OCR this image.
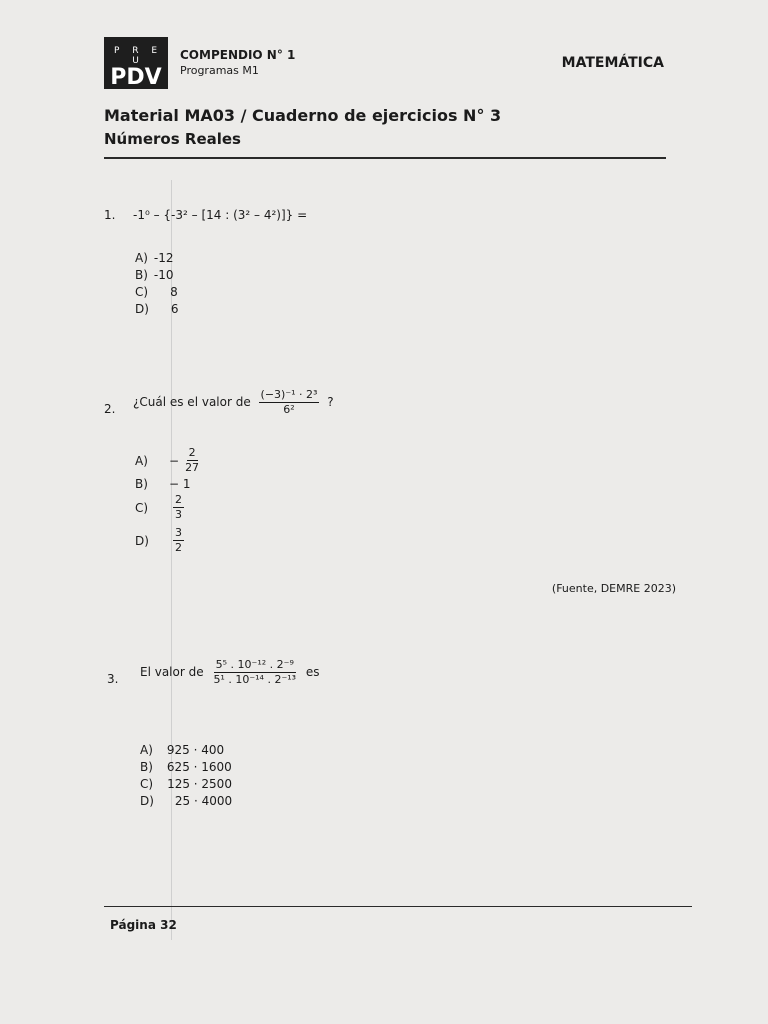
P R E U
PDV
COMPENDIO N° 1
Programas M1	MATEMÁTICA
Material MA03 / Cuaderno de ejercicios N° 3
Números Reales
1. -1⁰ – {-3² – [14 : (3² – 4²)]} =
A) -12
B) -10
C) 8
D) 6
2. ¿Cuál es el valor de $\frac{\text{(−3)⁻¹ · 2³}}{\text{6²}}$ ?
A)	− $\frac{2}{27}$
B)	− 1
C)	$\frac{2}{3}$
D)	$\frac{3}{2}$
(Fuente, DEMRE 2023)
3. El valor de $\frac{\text{5⁵ . 10⁻¹² . 2⁻⁹}}{\text{5¹ . 10⁻¹⁴ . 2⁻¹³}}$ es
A) 925 · 400
B) 625 · 1600
C) 125 · 2500
D) 25 · 4000
Página 32
